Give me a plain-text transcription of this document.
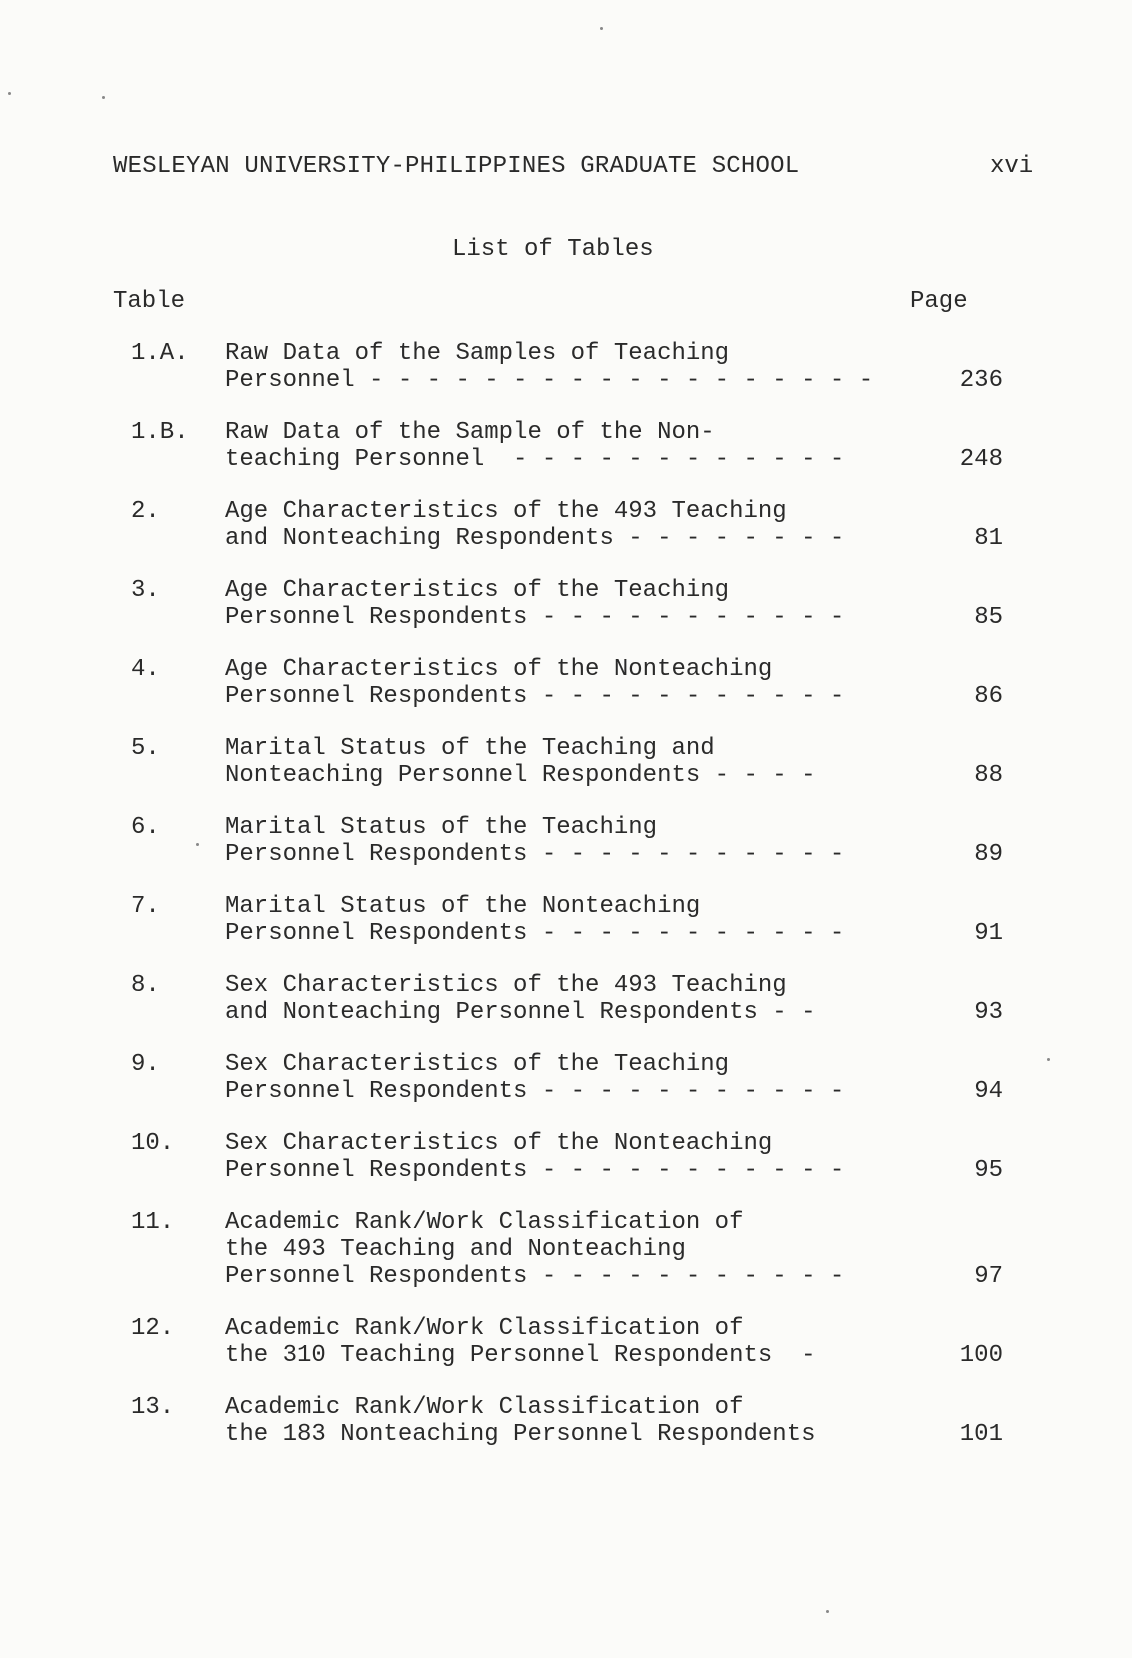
WESLEYAN UNIVERSITY-PHILIPPINES GRADUATE SCHOOL	xvi
List of Tables
Table	Page
1.A.	Raw Data of the Samples of Teaching
Personnel - - - - - - - - - - - - - - - - - -	236
1.B.	Raw Data of the Sample of the Non-
teaching Personnel  - - - - - - - - - - - -	248
2.	Age Characteristics of the 493 Teaching
and Nonteaching Respondents - - - - - - - -	81
3.	Age Characteristics of the Teaching
Personnel Respondents - - - - - - - - - - -	85
4.	Age Characteristics of the Nonteaching
Personnel Respondents - - - - - - - - - - -	86
5.	Marital Status of the Teaching and
Nonteaching Personnel Respondents - - - -	88
6.	Marital Status of the Teaching
Personnel Respondents - - - - - - - - - - -	89
7.	Marital Status of the Nonteaching
Personnel Respondents - - - - - - - - - - -	91
8.	Sex Characteristics of the 493 Teaching
and Nonteaching Personnel Respondents - -	93
9.	Sex Characteristics of the Teaching
Personnel Respondents - - - - - - - - - - -	94
10.	Sex Characteristics of the Nonteaching
Personnel Respondents - - - - - - - - - - -	95
11.	Academic Rank/Work Classification of
the 493 Teaching and Nonteaching
Personnel Respondents - - - - - - - - - - -	97
12.	Academic Rank/Work Classification of
the 310 Teaching Personnel Respondents  -	100
13.	Academic Rank/Work Classification of
the 183 Nonteaching Personnel Respondents	101
